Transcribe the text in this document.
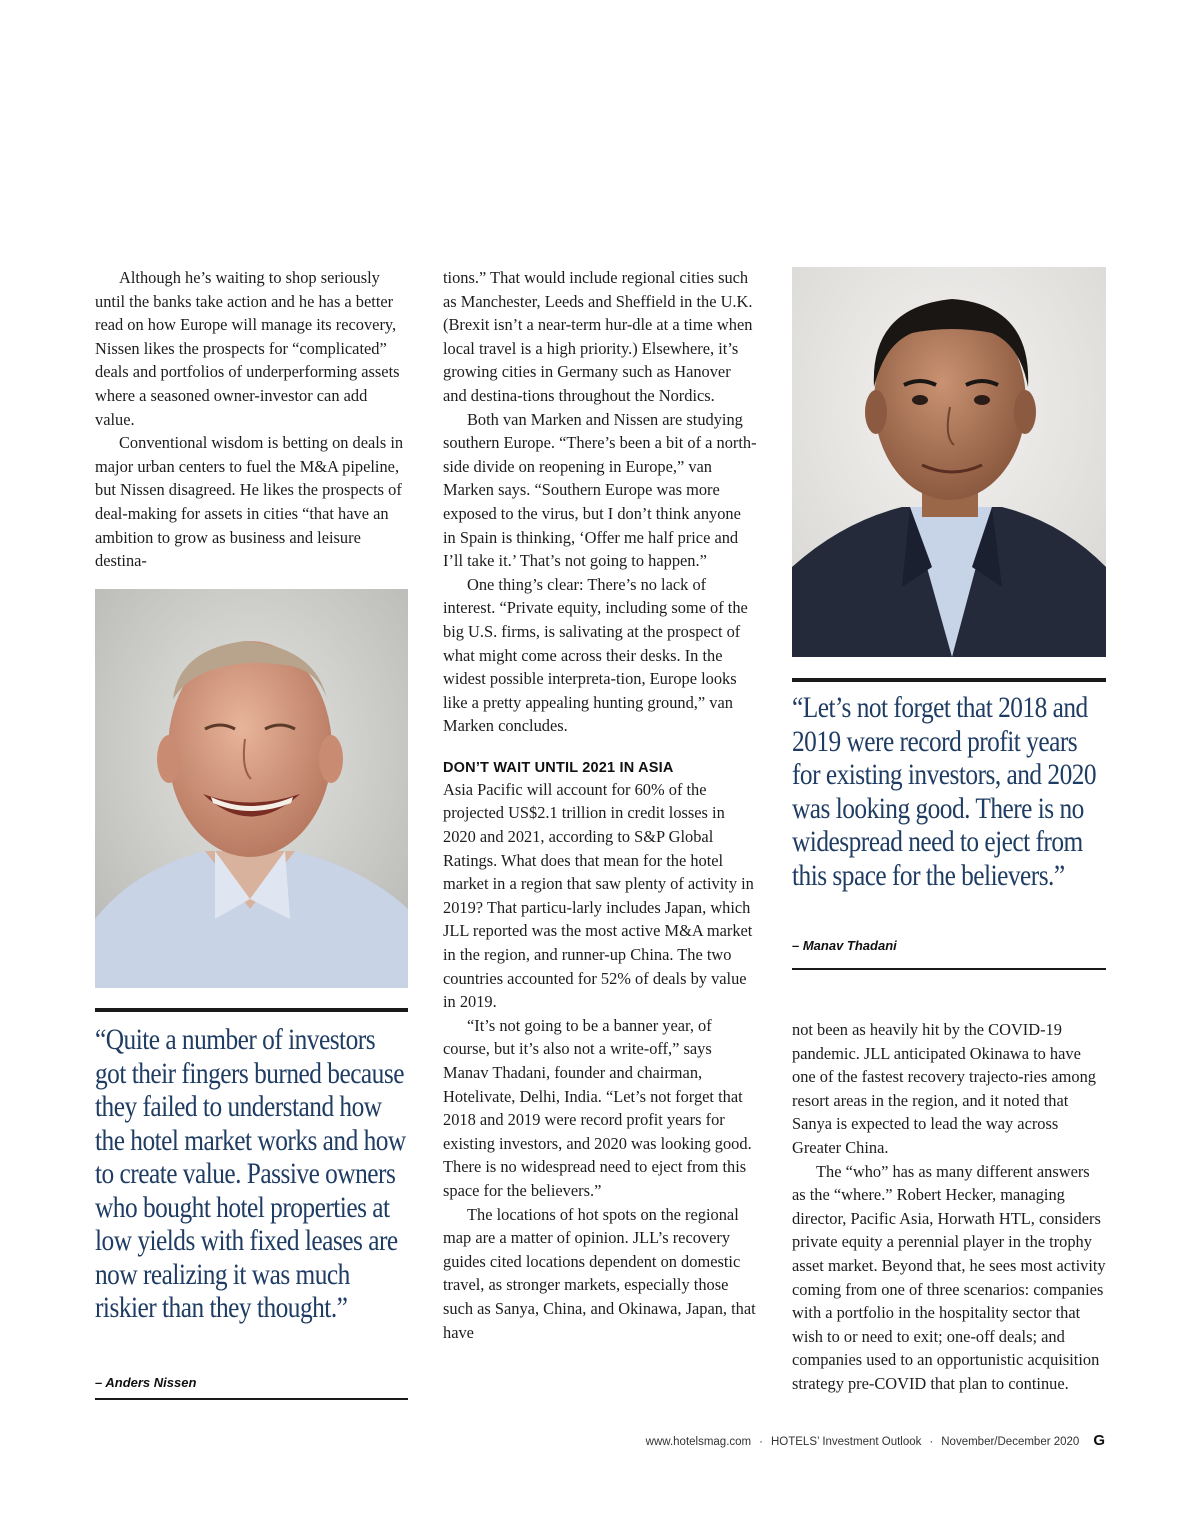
Although he’s waiting to shop seriously until the banks take action and he has a better read on how Europe will manage its recovery, Nissen likes the prospects for “complicated” deals and portfolios of underperforming assets where a seasoned owner-investor can add value.

Conventional wisdom is betting on deals in major urban centers to fuel the M&A pipeline, but Nissen disagreed. He likes the prospects of deal-making for assets in cities “that have an ambition to grow as business and leisure destina-

“Quite a number of investors got their fingers burned because they failed to understand how the hotel market works and how to create value. Passive owners who bought hotel properties at low yields with fixed leases are now realizing it was much riskier than they thought.”
– Anders Nissen

tions.” That would include regional cities such as Manchester, Leeds and Sheffield in the U.K. (Brexit isn’t a near-term hur-dle at a time when local travel is a high priority.) Elsewhere, it’s growing cities in Germany such as Hanover and destina-tions throughout the Nordics.

Both van Marken and Nissen are studying southern Europe. “There’s been a bit of a north-side divide on reopening in Europe,” van Marken says. “Southern Europe was more exposed to the virus, but I don’t think anyone in Spain is thinking, ‘Offer me half price and I’ll take it.’ That’s not going to happen.”

One thing’s clear: There’s no lack of interest. “Private equity, including some of the big U.S. firms, is salivating at the prospect of what might come across their desks. In the widest possible interpreta-tion, Europe looks like a pretty appealing hunting ground,” van Marken concludes.

DON’T WAIT UNTIL 2021 IN ASIA

Asia Pacific will account for 60% of the projected US$2.1 trillion in credit losses in 2020 and 2021, according to S&P Global Ratings. What does that mean for the hotel market in a region that saw plenty of activity in 2019? That particu-larly includes Japan, which JLL reported was the most active M&A market in the region, and runner-up China. The two countries accounted for 52% of deals by value in 2019.

“It’s not going to be a banner year, of course, but it’s also not a write-off,” says Manav Thadani, founder and chairman, Hotelivate, Delhi, India. “Let’s not forget that 2018 and 2019 were record profit years for existing investors, and 2020 was looking good. There is no widespread need to eject from this space for the believers.”

The locations of hot spots on the regional map are a matter of opinion. JLL’s recovery guides cited locations dependent on domestic travel, as stronger markets, especially those such as Sanya, China, and Okinawa, Japan, that have

“Let’s not forget that 2018 and 2019 were record profit years for existing investors, and 2020 was looking good. There is no widespread need to eject from this space for the believers.”
– Manav Thadani

not been as heavily hit by the COVID-19 pandemic. JLL anticipated Okinawa to have one of the fastest recovery trajecto-ries among resort areas in the region, and it noted that Sanya is expected to lead the way across Greater China.

The “who” has as many different answers as the “where.” Robert Hecker, managing director, Pacific Asia, Horwath HTL, considers private equity a perennial player in the trophy asset market. Beyond that, he sees most activity coming from one of three scenarios: companies with a portfolio in the hospitality sector that wish to or need to exit; one-off deals; and companies used to an opportunistic acquisition strategy pre-COVID that plan to continue.

www.hotelsmag.com · HOTELS’ Investment Outlook · November/December 2020 G
